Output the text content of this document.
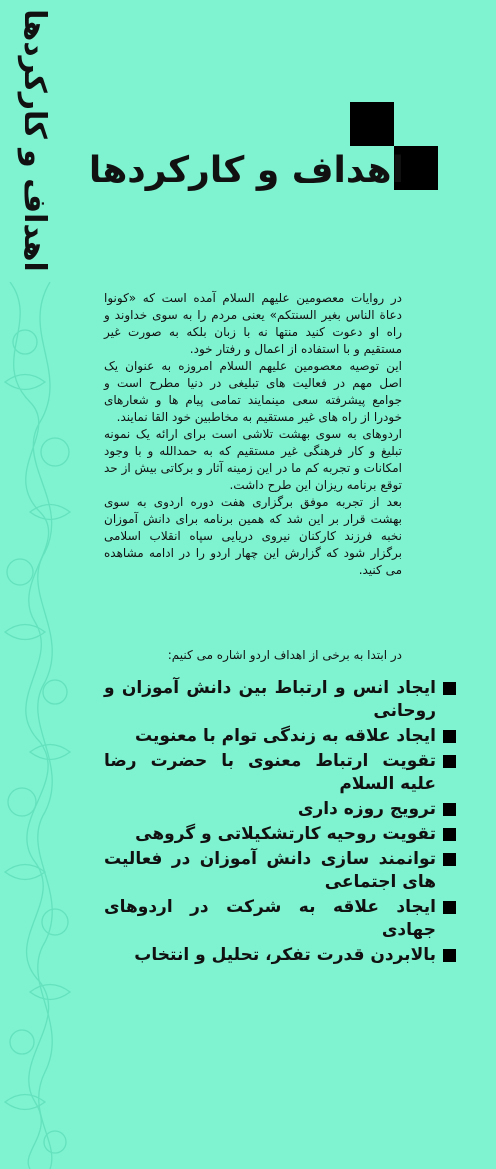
اهداف و کارکردها اهداف و کارکردها

در روایات معصومین علیهم السلام آمده است که «کونوا دعاة الناس بغیر السنتکم» یعنی مردم را به سوی خداوند و راه او دعوت کنید منتها نه با زبان بلکه به صورت غیر مستقیم و با استفاده از اعمال و رفتار خود.

این توصیه معصومین علیهم السلام امروزه به عنوان یک اصل مهم در فعالیت های تبلیغی در دنیا مطرح است و جوامع پیشرفته سعی مینمایند تمامی پیام ها و شعارهای خودرا از راه های غیر مستقیم به مخاطبین خود القا نمایند.

اردوهای به سوی بهشت تلاشی است برای ارائه یک نمونه تبلیغ و کار فرهنگی غیر مستقیم که به حمدالله و با وجود امکانات و تجربه کم ما در این زمینه آثار و برکاتی بیش از حد توقع برنامه ریزان این طرح داشت.

بعد از تجربه موفق برگزاری هفت دوره اردوی به سوی بهشت قرار بر این شد که همین برنامه برای دانش آموزان نخبه فرزند کارکنان نیروی دریایی سپاه انقلاب اسلامی برگزار شود که گزارش این چهار اردو را در ادامه مشاهده می کنید.

در ابتدا به برخی از اهداف اردو اشاره می کنیم:
ایجاد انس و ارتباط بین دانش آموزان و روحانی
ایجاد علاقه به زندگی توام با معنویت
تقویت ارتباط معنوی با حضرت رضا علیه السلام
ترویج روزه داری
تقویت روحیه کارتشکیلاتی و گروهی
توانمند سازی دانش آموزان در فعالیت های اجتماعی
ایجاد علاقه به شرکت در اردوهای جهادی
بالابردن قدرت تفکر، تحلیل و انتخاب
